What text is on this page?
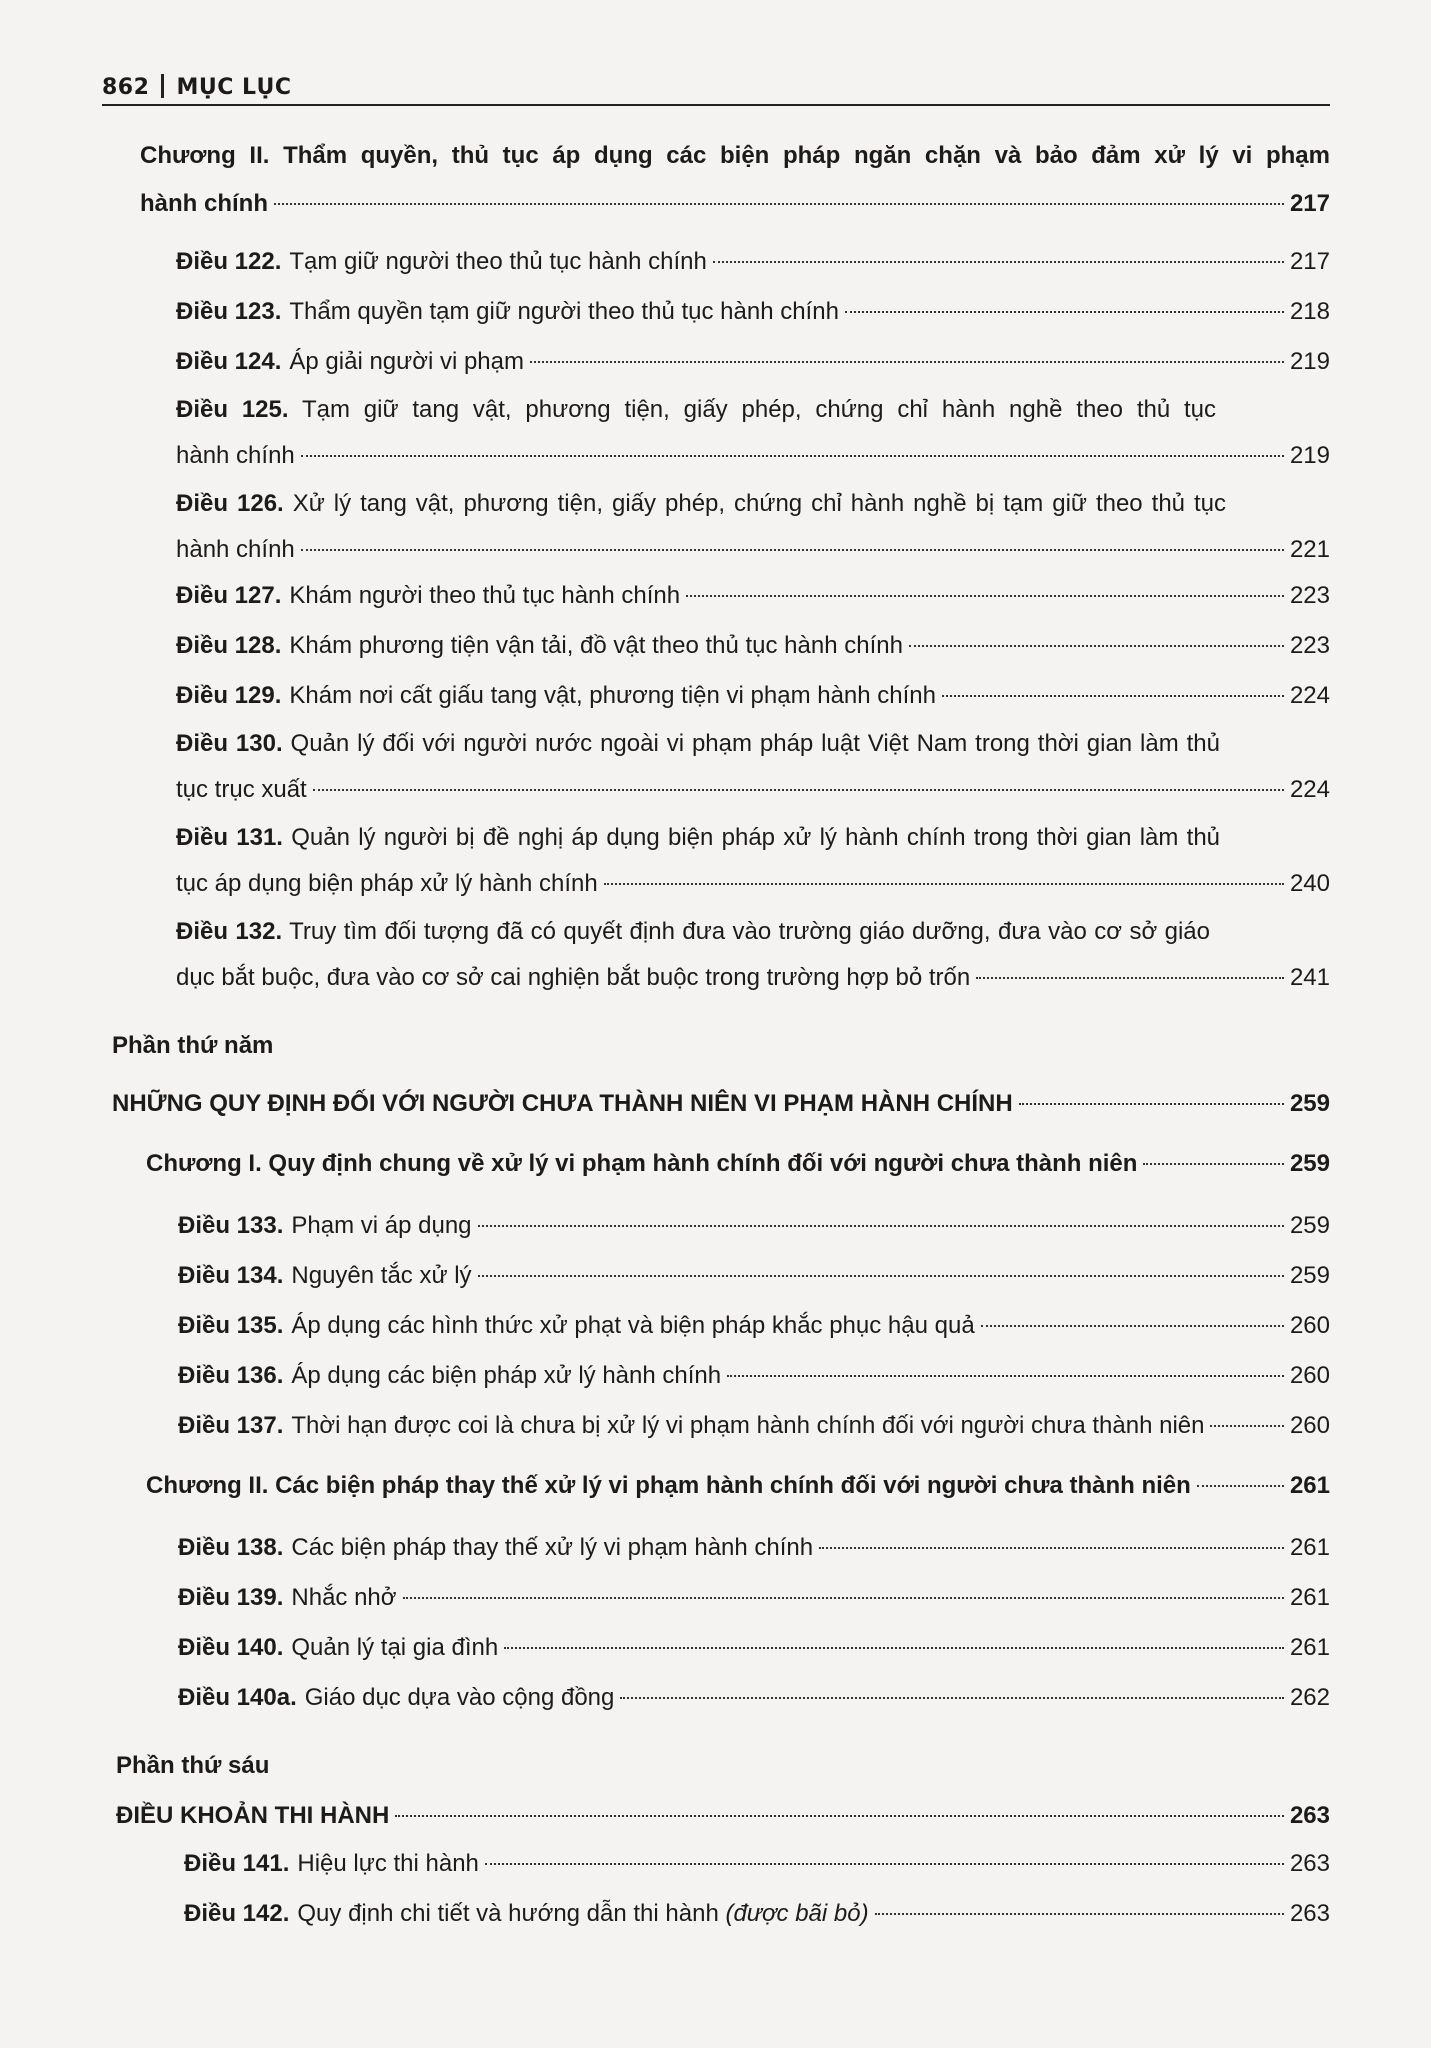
862 MỤC LỤC
Chương II. Thẩm quyền, thủ tục áp dụng các biện pháp ngăn chặn và bảo đảm xử lý vi phạm
hành chính	217
Điều 122. Tạm giữ người theo thủ tục hành chính	217
Điều 123. Thẩm quyền tạm giữ người theo thủ tục hành chính	218
Điều 124. Áp giải người vi phạm	219
Điều 125. Tạm giữ tang vật, phương tiện, giấy phép, chứng chỉ hành nghề theo thủ tục
hành chính	219
Điều 126. Xử lý tang vật, phương tiện, giấy phép, chứng chỉ hành nghề bị tạm giữ theo thủ tục
hành chính	221
Điều 127. Khám người theo thủ tục hành chính	223
Điều 128. Khám phương tiện vận tải, đồ vật theo thủ tục hành chính	223
Điều 129. Khám nơi cất giấu tang vật, phương tiện vi phạm hành chính	224
Điều 130. Quản lý đối với người nước ngoài vi phạm pháp luật Việt Nam trong thời gian làm thủ
tục trục xuất	224
Điều 131. Quản lý người bị đề nghị áp dụng biện pháp xử lý hành chính trong thời gian làm thủ
tục áp dụng biện pháp xử lý hành chính	240
Điều 132. Truy tìm đối tượng đã có quyết định đưa vào trường giáo dưỡng, đưa vào cơ sở giáo
dục bắt buộc, đưa vào cơ sở cai nghiện bắt buộc trong trường hợp bỏ trốn	241
Phần thứ năm
NHỮNG QUY ĐỊNH ĐỐI VỚI NGƯỜI CHƯA THÀNH NIÊN VI PHẠM HÀNH CHÍNH	259
Chương I. Quy định chung về xử lý vi phạm hành chính đối với người chưa thành niên	259
Điều 133. Phạm vi áp dụng	259
Điều 134. Nguyên tắc xử lý	259
Điều 135. Áp dụng các hình thức xử phạt và biện pháp khắc phục hậu quả	260
Điều 136. Áp dụng các biện pháp xử lý hành chính	260
Điều 137. Thời hạn được coi là chưa bị xử lý vi phạm hành chính đối với người chưa thành niên	260
Chương II. Các biện pháp thay thế xử lý vi phạm hành chính đối với người chưa thành niên	261
Điều 138. Các biện pháp thay thế xử lý vi phạm hành chính	261
Điều 139. Nhắc nhở	261
Điều 140. Quản lý tại gia đình	261
Điều 140a. Giáo dục dựa vào cộng đồng	262
Phần thứ sáu
ĐIỀU KHOẢN THI HÀNH	263
Điều 141. Hiệu lực thi hành	263
Điều 142. Quy định chi tiết và hướng dẫn thi hành
(được bãi bỏ)	263
